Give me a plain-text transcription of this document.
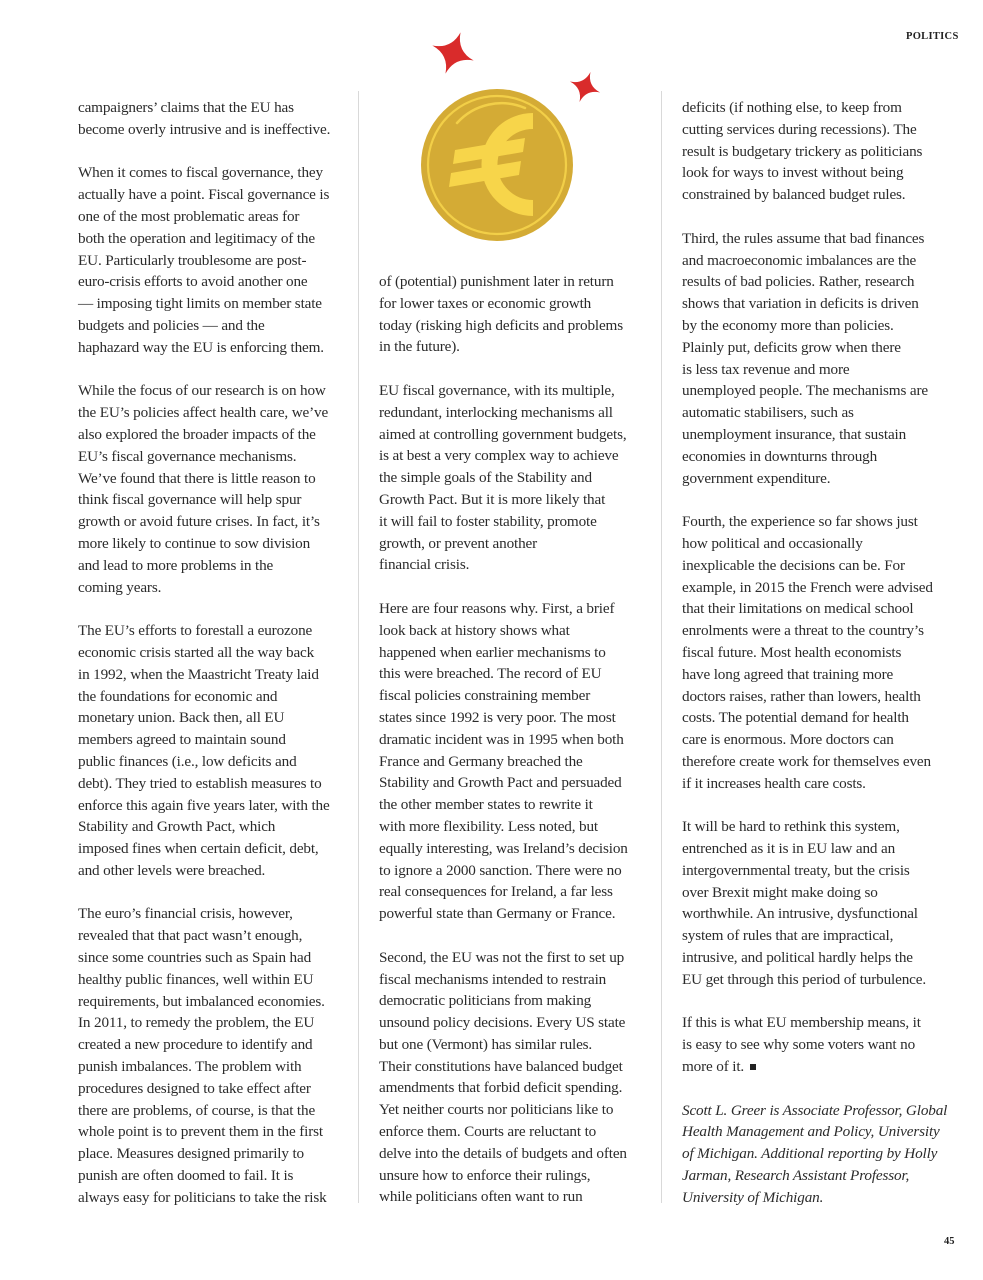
POLITICS

campaigners’ claims that the EU has
become overly intrusive and is ineffective.

When it comes to fiscal governance, they
actually have a point. Fiscal governance is
one of the most problematic areas for
both the operation and legitimacy of the
EU. Particularly troublesome are post-
euro-crisis efforts to avoid another one
— imposing tight limits on member state
budgets and policies — and the
haphazard way the EU is enforcing them.

While the focus of our research is on how
the EU’s policies affect health care, we’ve
also explored the broader impacts of the
EU’s fiscal governance mechanisms.
We’ve found that there is little reason to
think fiscal governance will help spur
growth or avoid future crises. In fact, it’s
more likely to continue to sow division
and lead to more problems in the
coming years.

The EU’s efforts to forestall a eurozone
economic crisis started all the way back
in 1992, when the Maastricht Treaty laid
the foundations for economic and
monetary union. Back then, all EU
members agreed to maintain sound
public finances (i.e., low deficits and
debt). They tried to establish measures to
enforce this again five years later, with the
Stability and Growth Pact, which
imposed fines when certain deficit, debt,
and other levels were breached.

The euro’s financial crisis, however,
revealed that that pact wasn’t enough,
since some countries such as Spain had
healthy public finances, well within EU
requirements, but imbalanced economies.
In 2011, to remedy the problem, the EU
created a new procedure to identify and
punish imbalances. The problem with
procedures designed to take effect after
there are problems, of course, is that the
whole point is to prevent them in the first
place. Measures designed primarily to
punish are often doomed to fail. It is
always easy for politicians to take the risk

of (potential) punishment later in return
for lower taxes or economic growth
today (risking high deficits and problems
in the future).

EU fiscal governance, with its multiple,
redundant, interlocking mechanisms all
aimed at controlling government budgets,
is at best a very complex way to achieve
the simple goals of the Stability and
Growth Pact. But it is more likely that
it will fail to foster stability, promote
growth, or prevent another
financial crisis.

Here are four reasons why. First, a brief
look back at history shows what
happened when earlier mechanisms to
this were breached. The record of EU
fiscal policies constraining member
states since 1992 is very poor. The most
dramatic incident was in 1995 when both
France and Germany breached the
Stability and Growth Pact and persuaded
the other member states to rewrite it
with more flexibility. Less noted, but
equally interesting, was Ireland’s decision
to ignore a 2000 sanction. There were no
real consequences for Ireland, a far less
powerful state than Germany or France.

Second, the EU was not the first to set up
fiscal mechanisms intended to restrain
democratic politicians from making
unsound policy decisions. Every US state
but one (Vermont) has similar rules.
Their constitutions have balanced budget
amendments that forbid deficit spending.
Yet neither courts nor politicians like to
enforce them. Courts are reluctant to
delve into the details of budgets and often
unsure how to enforce their rulings,
while politicians often want to run

deficits (if nothing else, to keep from
cutting services during recessions). The
result is budgetary trickery as politicians
look for ways to invest without being
constrained by balanced budget rules.

Third, the rules assume that bad finances
and macroeconomic imbalances are the
results of bad policies. Rather, research
shows that variation in deficits is driven
by the economy more than policies.
Plainly put, deficits grow when there
is less tax revenue and more
unemployed people. The mechanisms are
automatic stabilisers, such as
unemployment insurance, that sustain
economies in downturns through
government expenditure.

Fourth, the experience so far shows just
how political and occasionally
inexplicable the decisions can be. For
example, in 2015 the French were advised
that their limitations on medical school
enrolments were a threat to the country’s
fiscal future. Most health economists
have long agreed that training more
doctors raises, rather than lowers, health
costs. The potential demand for health
care is enormous. More doctors can
therefore create work for themselves even
if it increases health care costs.

It will be hard to rethink this system,
entrenched as it is in EU law and an
intergovernmental treaty, but the crisis
over Brexit might make doing so
worthwhile. An intrusive, dysfunctional
system of rules that are impractical,
intrusive, and political hardly helps the
EU get through this period of turbulence.

If this is what EU membership means, it
is easy to see why some voters want no
more of it.

Scott L. Greer is Associate Professor, Global
Health Management and Policy, University
of Michigan. Additional reporting by Holly
Jarman, Research Assistant Professor,
University of Michigan.

45
